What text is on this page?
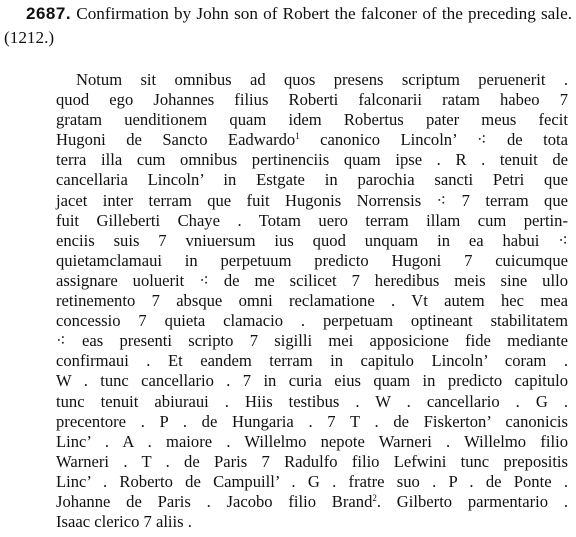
2687. Confirmation by John son of Robert the falconer of the preceding sale. (1212.)
Notum sit omnibus ad quos presens scriptum peruenerit .
quod ego Johannes filius Roberti falconarii ratam habeo 7
gratam uenditionem quam idem Robertus pater meus fecit
Hugoni de Sancto Eadwardo$^1$ canonico Lincoln’ ⁖ de tota
terra illa cum omnibus pertinenciis quam ipse . R . tenuit de
cancellaria Lincoln’ in Estgate in parochia sancti Petri que
jacet inter terram que fuit Hugonis Norrensis ⁖ 7 terram que
fuit Gilleberti Chaye . Totam uero terram illam cum pertin-
enciis suis 7 vniuersum ius quod unquam in ea habui ⁖
quietamclamaui in perpetuum predicto Hugoni 7 cuicumque
assignare uoluerit ⁖ de me scilicet 7 heredibus meis sine ullo
retinemento 7 absque omni reclamatione . Vt autem hec mea
concessio 7 quieta clamacio . perpetuam optineant stabilitatem
⁖ eas presenti scripto 7 sigilli mei apposicione fide mediante
confirmaui . Et eandem terram in capitulo Lincoln’ coram .
W . tunc cancellario . 7 in curia eius quam in predicto capitulo
tunc tenuit abiuraui . Hiis testibus . W . cancellario . G .
precentore . P . de Hungaria . 7 T . de Fiskerton’ canonicis
Linc’ . A . maiore . Willelmo nepote Warneri . Willelmo filio
Warneri . T . de Paris 7 Radulfo filio Lefwini tunc prepositis
Linc’ . Roberto de Campuill’ . G . fratre suo . P . de Ponte .
Johanne de Paris . Jacobo filio Brand$^2$. Gilberto parmentario .
Isaac clerico 7 aliis .
